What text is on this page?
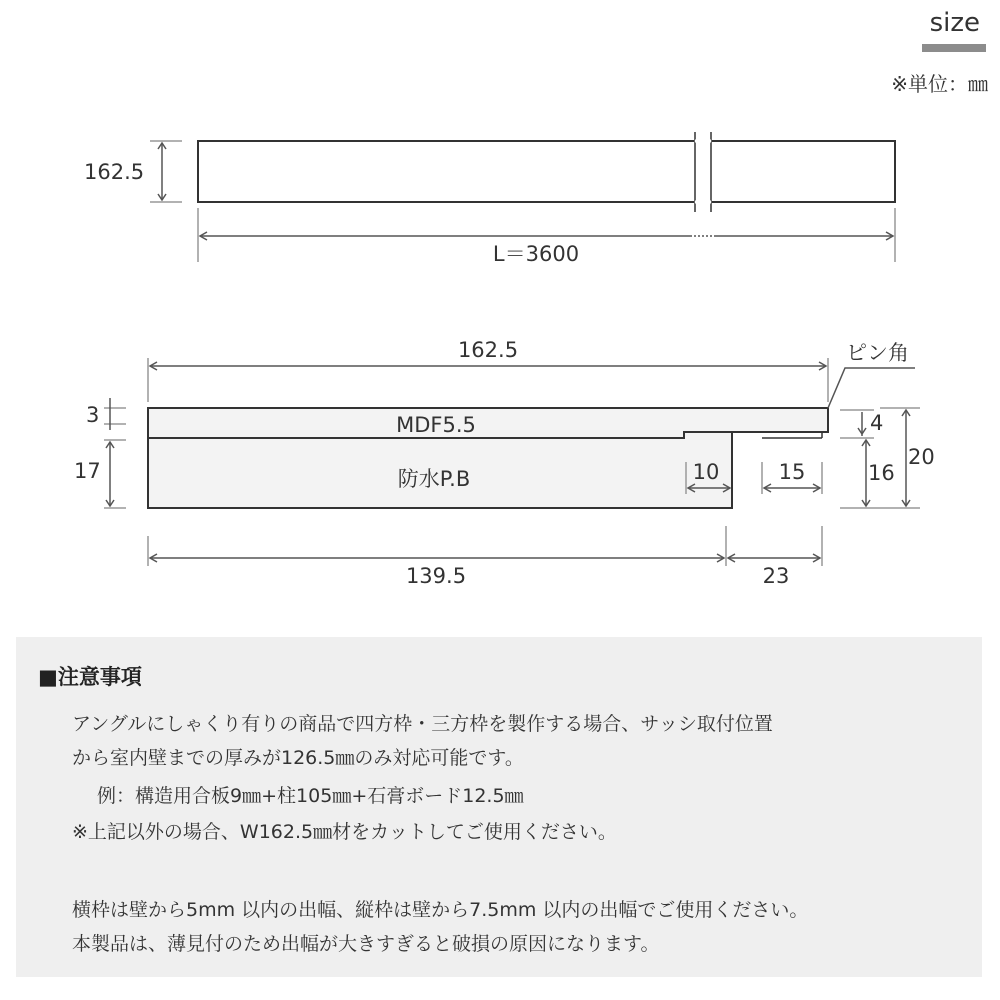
size
※単位：㎜
162.5
L＝3600
162.5	ピン角
3	MDF5.5
17	防水P.B	10	15
4
16
20
139.5	23
■注意事項
アングルにしゃくり有りの商品で四方枠・三方枠を製作する場合、サッシ取付位置
から室内壁までの厚みが126.5㎜のみ対応可能です。
　 例：構造用合板9㎜+柱105㎜+石膏ボード12.5㎜
※上記以外の場合、W162.5㎜材をカットしてご使用ください。
横枠は壁から5mm 以内の出幅、縦枠は壁から7.5mm 以内の出幅でご使用ください。
本製品は、薄見付のため出幅が大きすぎると破損の原因になります。
